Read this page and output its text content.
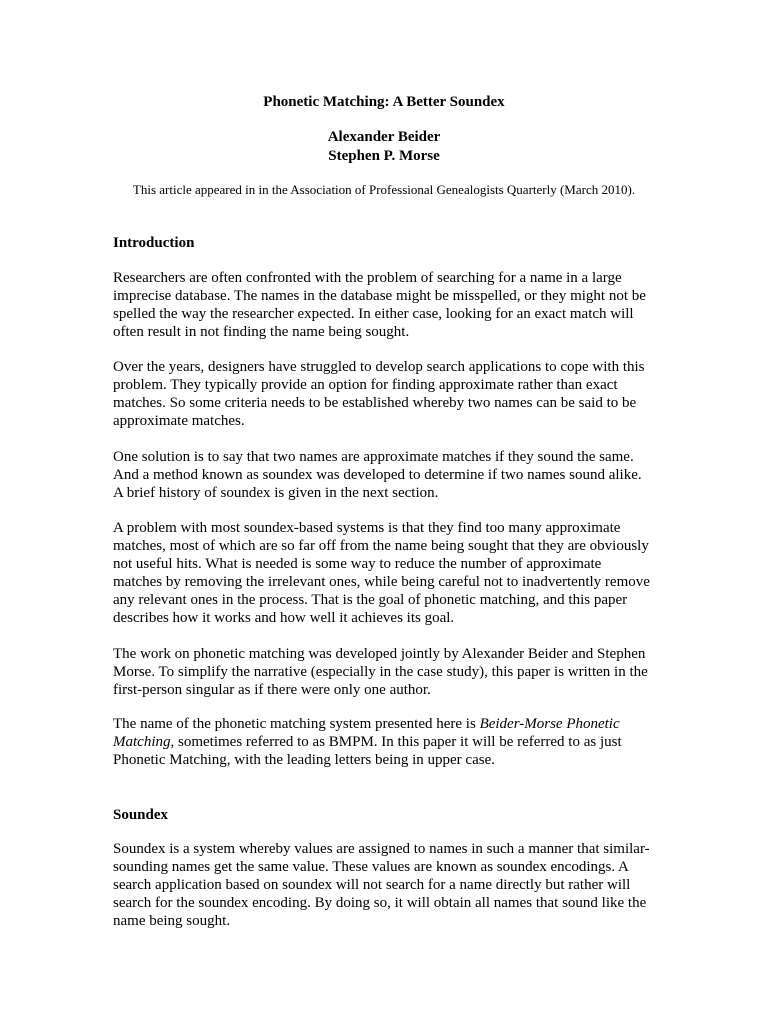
Phonetic Matching: A Better Soundex
Alexander Beider
Stephen P. Morse
This article appeared in in the Association of Professional Genealogists Quarterly (March 2010).
Introduction
Researchers are often confronted with the problem of searching for a name in a large
imprecise database. The names in the database might be misspelled, or they might not be
spelled the way the researcher expected. In either case, looking for an exact match will
often result in not finding the name being sought.
Over the years, designers have struggled to develop search applications to cope with this
problem. They typically provide an option for finding approximate rather than exact
matches. So some criteria needs to be established whereby two names can be said to be
approximate matches.
One solution is to say that two names are approximate matches if they sound the same.
And a method known as soundex was developed to determine if two names sound alike.
A brief history of soundex is given in the next section.
A problem with most soundex-based systems is that they find too many approximate
matches, most of which are so far off from the name being sought that they are obviously
not useful hits. What is needed is some way to reduce the number of approximate
matches by removing the irrelevant ones, while being careful not to inadvertently remove
any relevant ones in the process. That is the goal of phonetic matching, and this paper
describes how it works and how well it achieves its goal.
The work on phonetic matching was developed jointly by Alexander Beider and Stephen
Morse. To simplify the narrative (especially in the case study), this paper is written in the
first-person singular as if there were only one author.
The name of the phonetic matching system presented here is Beider-Morse Phonetic
Matching, sometimes referred to as BMPM. In this paper it will be referred to as just
Phonetic Matching, with the leading letters being in upper case.
Soundex
Soundex is a system whereby values are assigned to names in such a manner that similar-
sounding names get the same value. These values are known as soundex encodings. A
search application based on soundex will not search for a name directly but rather will
search for the soundex encoding. By doing so, it will obtain all names that sound like the
name being sought.
